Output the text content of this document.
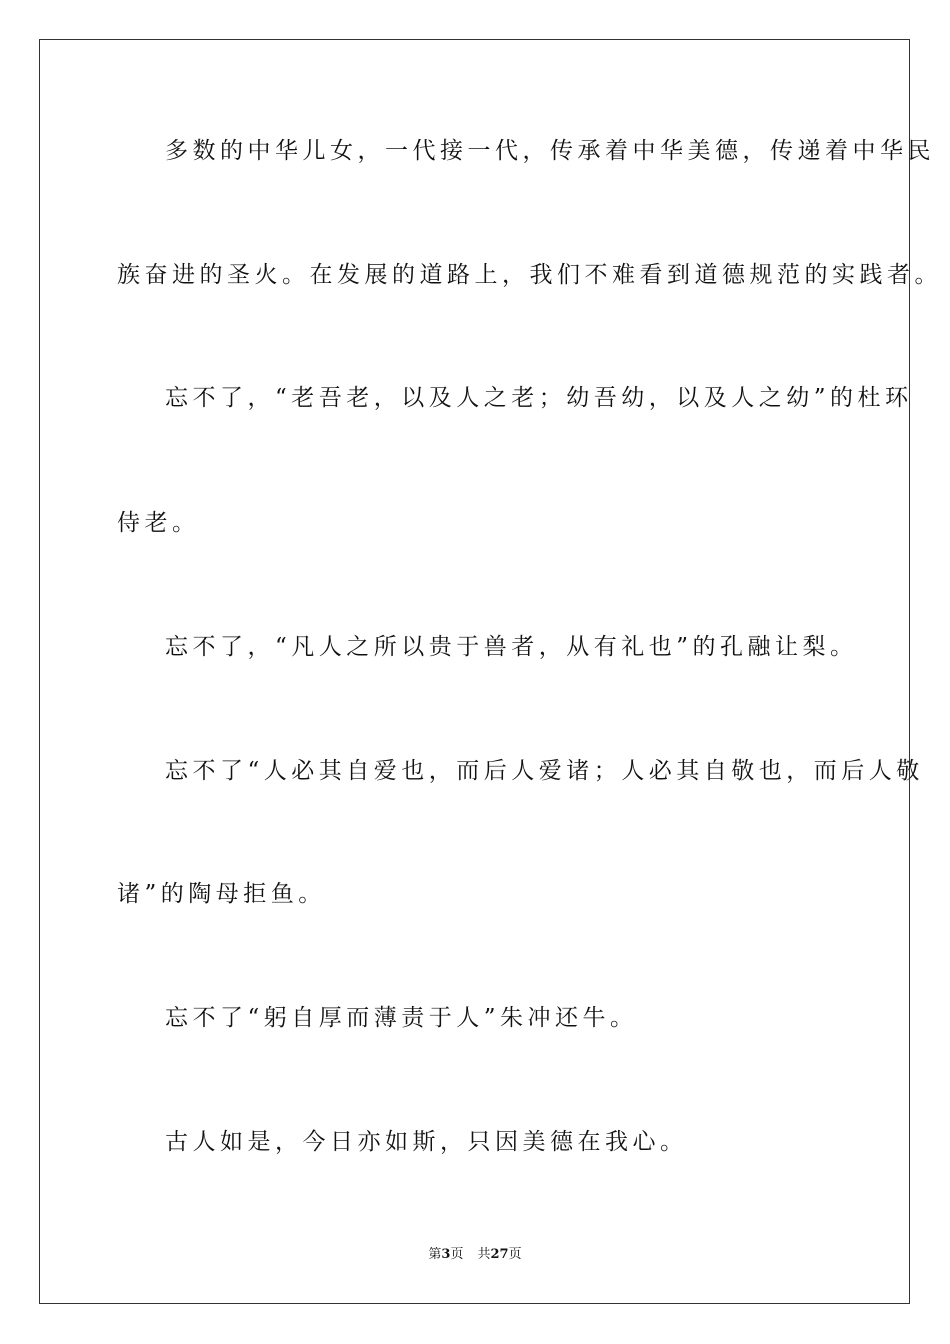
多数的中华儿女，一代接一代，传承着中华美德，传递着中华民
族奋进的圣火。在发展的道路上，我们不难看到道德规范的实践者。
忘不了，“老吾老，以及人之老；幼吾幼，以及人之幼”的杜环
侍老。
忘不了，“凡人之所以贵于兽者，从有礼也”的孔融让梨。
忘不了“人必其自爱也，而后人爱诸；人必其自敬也，而后人敬
诸”的陶母拒鱼。
忘不了“躬自厚而薄责于人”朱冲还牛。
古人如是，今日亦如斯，只因美德在我心。
第3页 共27页
